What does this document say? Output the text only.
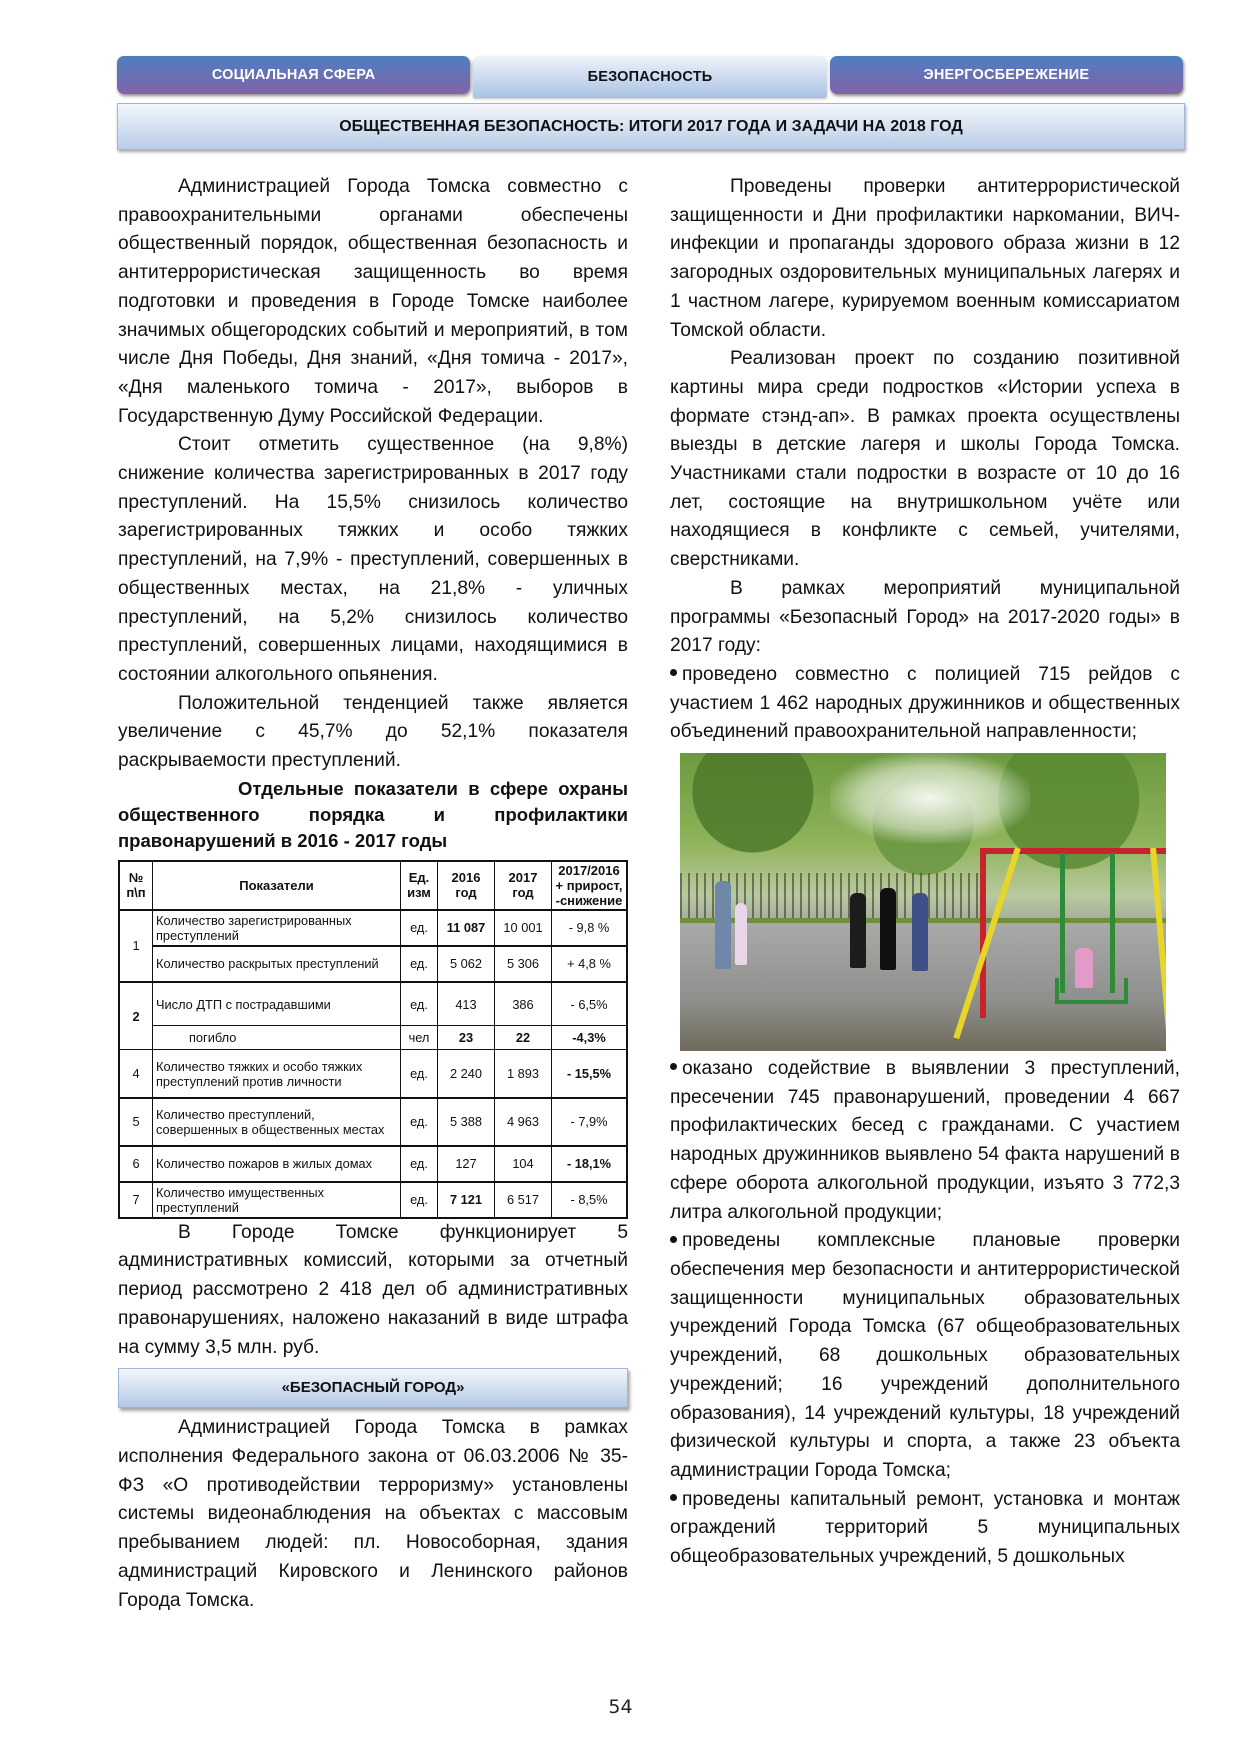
СОЦИАЛЬНАЯ СФЕРА	БЕЗОПАСНОСТЬ	ЭНЕРГОСБЕРЕЖЕНИЕ
ОБЩЕСТВЕННАЯ БЕЗОПАСНОСТЬ: ИТОГИ 2017 ГОДА И ЗАДАЧИ НА 2018 ГОД

Администрацией Города Томска совместно с правоохранительными органами обеспечены общественный порядок, общественная безопасность и антитеррористическая защищенность во время подготовки и проведения в Городе Томске наиболее значимых общегородских событий и мероприятий, в том числе Дня Победы, Дня знаний, «Дня томича - 2017», «Дня маленького томича - 2017», выборов в Государственную Думу Российской Федерации.

Стоит отметить существенное (на 9,8%) снижение количества зарегистрированных в 2017 году преступлений. На 15,5% снизилось количество зарегистрированных тяжких и особо тяжких преступлений, на 7,9% - преступлений, совершенных в общественных местах, на 21,8% - уличных преступлений, на 5,2% снизилось количество преступлений, совершенных лицами, находящимися в состоянии алкогольного опьянения.

Положительной тенденцией также является увеличение с 45,7% до 52,1% показателя раскрываемости преступлений.

Отдельные показатели в сфере охраны общественного порядка и профилактики правонарушений в 2016 - 2017 годы

№ п\п	Показатели	Ед. изм	2016 год	2017 год	2017/2016 + прирост, -снижение
1	Количество зарегистрированных преступлений	ед.	11 087	10 001	- 9,8 %
	Количество раскрытых преступлений	ед.	5 062	5 306	+ 4,8 %
2	Число ДТП с пострадавшими	ед.	413	386	- 6,5%
	погибло	чел	23	22	-4,3%
4	Количество тяжких и особо тяжких преступлений против личности	ед.	2 240	1 893	- 15,5%
5	Количество преступлений, совершенных в общественных местах	ед.	5 388	4 963	- 7,9%
6	Количество пожаров в жилых домах	ед.	127	104	- 18,1%
7	Количество имущественных преступлений	ед.	7 121	6 517	- 8,5%

В Городе Томске функционирует 5 административных комиссий, которыми за отчетный период рассмотрено 2 418 дел об административных правонарушениях, наложено наказаний в виде штрафа на сумму 3,5 млн. руб.

«БЕЗОПАСНЫЙ ГОРОД»

Администрацией Города Томска в рамках исполнения Федерального закона от 06.03.2006 № 35-ФЗ «О противодействии терроризму» установлены системы видеонаблюдения на объектах с массовым пребыванием людей: пл. Новособорная, здания администраций Кировского и Ленинского районов Города Томска.

Проведены проверки антитеррористической защищенности и Дни профилактики наркомании, ВИЧ-инфекции и пропаганды здорового образа жизни в 12 загородных оздоровительных муниципальных лагерях и 1 частном лагере, курируемом военным комиссариатом Томской области.

Реализован проект по созданию позитивной картины мира среди подростков «Истории успеха в формате стэнд-ап». В рамках проекта осуществлены выезды в детские лагеря и школы Города Томска. Участниками стали подростки в возрасте от 10 до 16 лет, состоящие на внутришкольном учёте или находящиеся в конфликте с семьей, учителями, сверстниками.

В рамках мероприятий муниципальной программы «Безопасный Город» на 2017-2020 годы» в 2017 году:

проведено совместно с полицией 715 рейдов с участием 1 462 народных дружинников и общественных объединений правоохранительной направленности;

оказано содействие в выявлении 3 преступлений, пресечении 745 правонарушений, проведении 4 667 профилактических бесед с гражданами. С участием народных дружинников выявлено 54 факта нарушений в сфере оборота алкогольной продукции, изъято 3 772,3 литра алкогольной продукции;

проведены комплексные плановые проверки обеспечения мер безопасности и антитеррористической защищенности муниципальных образовательных учреждений Города Томска (67 общеобразовательных учреждений, 68 дошкольных образовательных учреждений; 16 учреждений дополнительного образования), 14 учреждений культуры, 18 учреждений физической культуры и спорта, а также 23 объекта администрации Города Томска;

проведены капитальный ремонт, установка и монтаж ограждений территорий 5 муниципальных общеобразовательных учреждений, 5 дошкольных

54
